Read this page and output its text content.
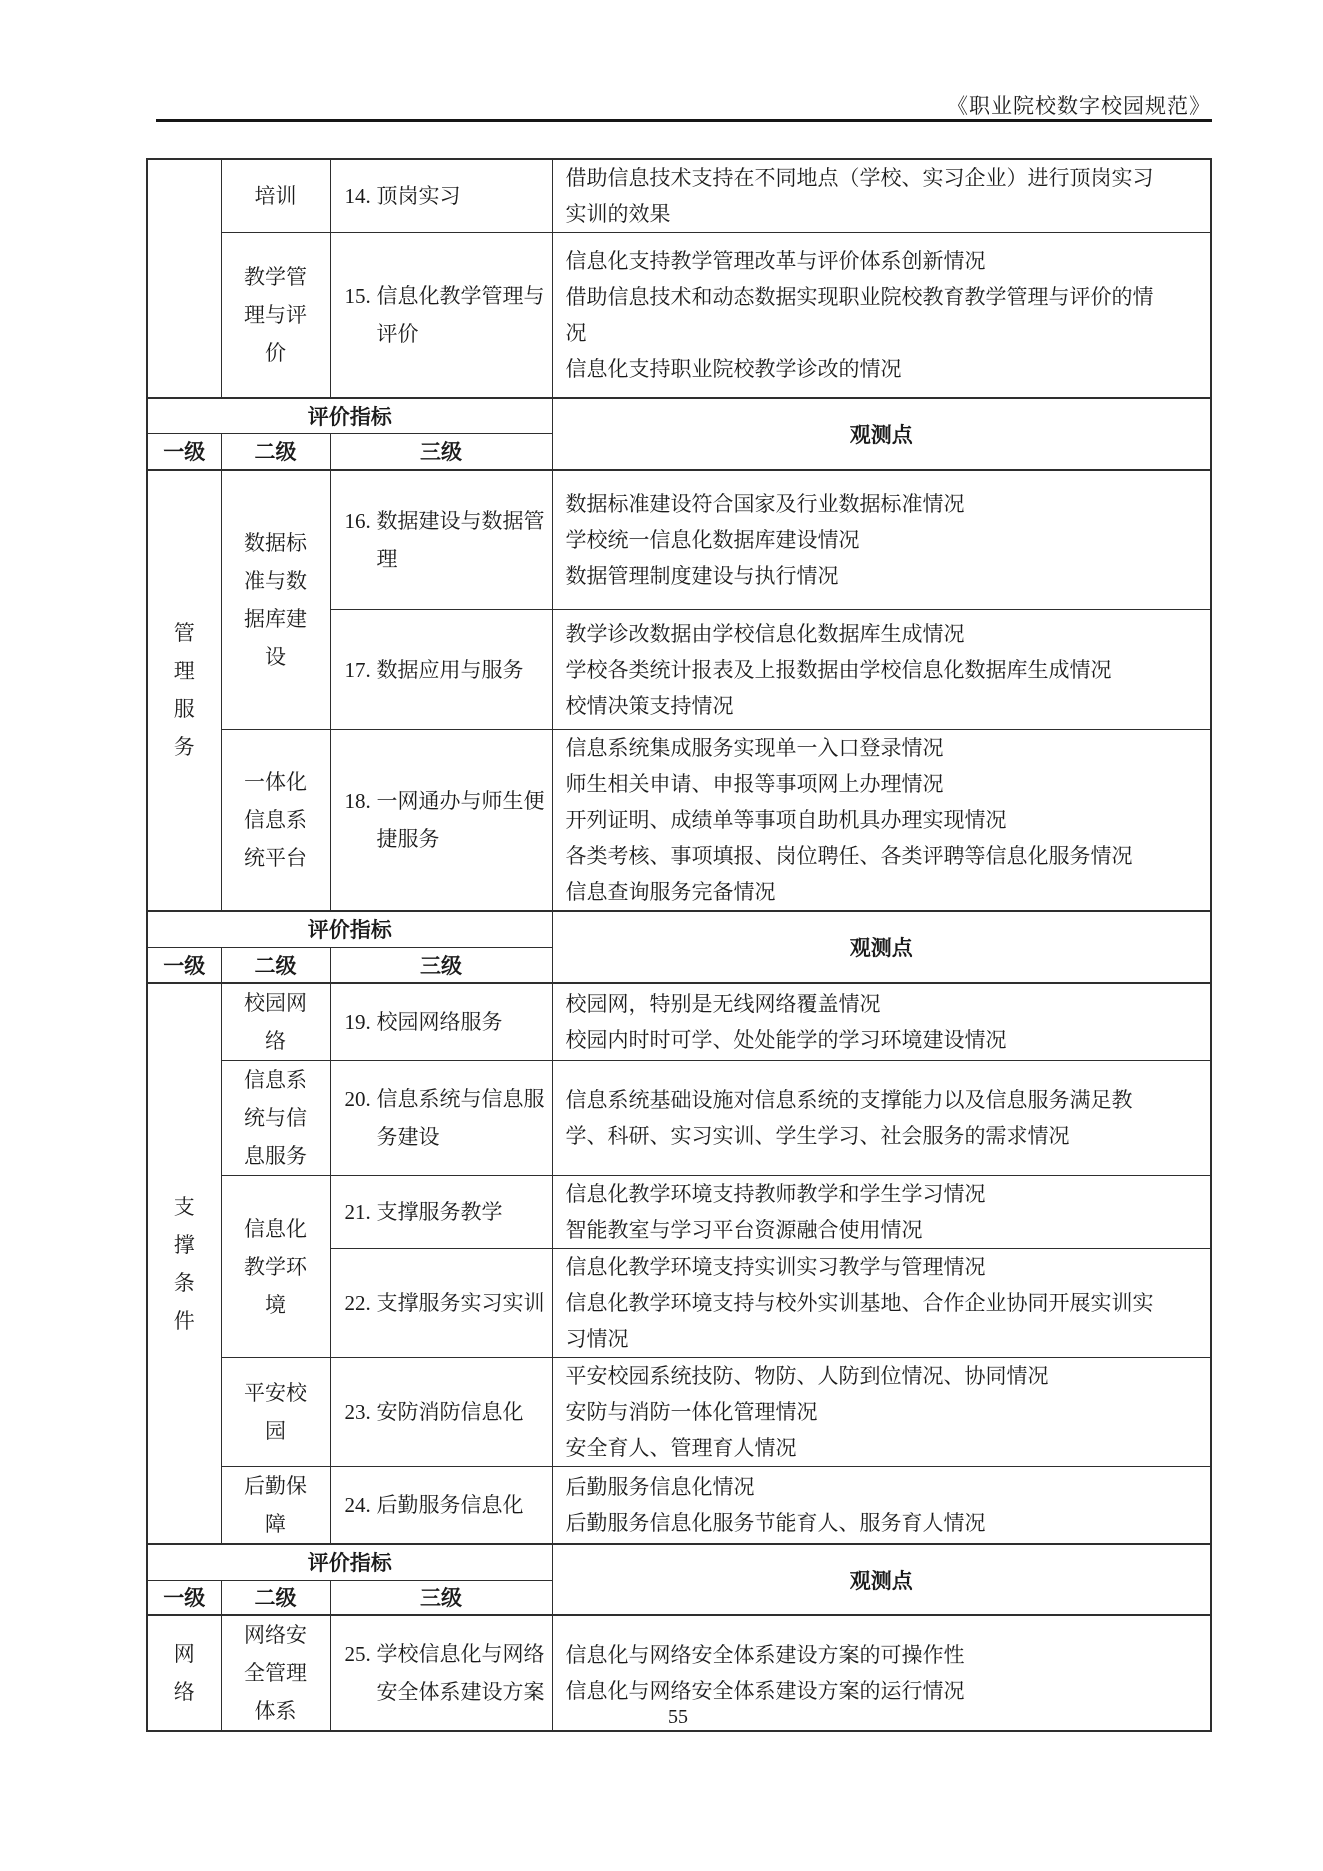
《职业院校数字校园规范》

	培训	14. 顶岗实习	借助信息技术支持在不同地点（学校、实习企业）进行顶岗实习实训的效果

	教学管理与评价	15. 信息化教学管理与评价	信息化支持教学管理改革与评价体系创新情况
借助信息技术和动态数据实现职业院校教育教学管理与评价的情况
信息化支持职业院校教学诊改的情况

评价指标			观测点
一级	二级	三级	

管理服务	数据标准与数据库建设	16. 数据建设与数据管理	数据标准建设符合国家及行业数据标准情况
学校统一信息化数据库建设情况
数据管理制度建设与执行情况

		17. 数据应用与服务	教学诊改数据由学校信息化数据库生成情况
学校各类统计报表及上报数据由学校信息化数据库生成情况
校情决策支持情况

	一体化信息系统平台	18. 一网通办与师生便捷服务	信息系统集成服务实现单一入口登录情况
师生相关申请、申报等事项网上办理情况
开列证明、成绩单等事项自助机具办理实现情况
各类考核、事项填报、岗位聘任、各类评聘等信息化服务情况
信息查询服务完备情况

评价指标			观测点
一级	二级	三级	

支撑条件	校园网络	19. 校园网络服务	校园网，特别是无线网络覆盖情况
校园内时时可学、处处能学的学习环境建设情况

	信息系统与信息服务	20. 信息系统与信息服务建设	信息系统基础设施对信息系统的支撑能力以及信息服务满足教学、科研、实习实训、学生学习、社会服务的需求情况

	信息化教学环境	21. 支撑服务教学	信息化教学环境支持教师教学和学生学习情况
智能教室与学习平台资源融合使用情况

		22. 支撑服务实习实训	信息化教学环境支持实训实习教学与管理情况
信息化教学环境支持与校外实训基地、合作企业协同开展实训实习情况

	平安校园	23. 安防消防信息化	平安校园系统技防、物防、人防到位情况、协同情况
安防与消防一体化管理情况
安全育人、管理育人情况

	后勤保障	24. 后勤服务信息化	后勤服务信息化情况
后勤服务信息化服务节能育人、服务育人情况

评价指标			观测点
一级	二级	三级	

网络	网络安全管理体系	25. 学校信息化与网络安全体系建设方案	信息化与网络安全体系建设方案的可操作性
信息化与网络安全体系建设方案的运行情况
55
